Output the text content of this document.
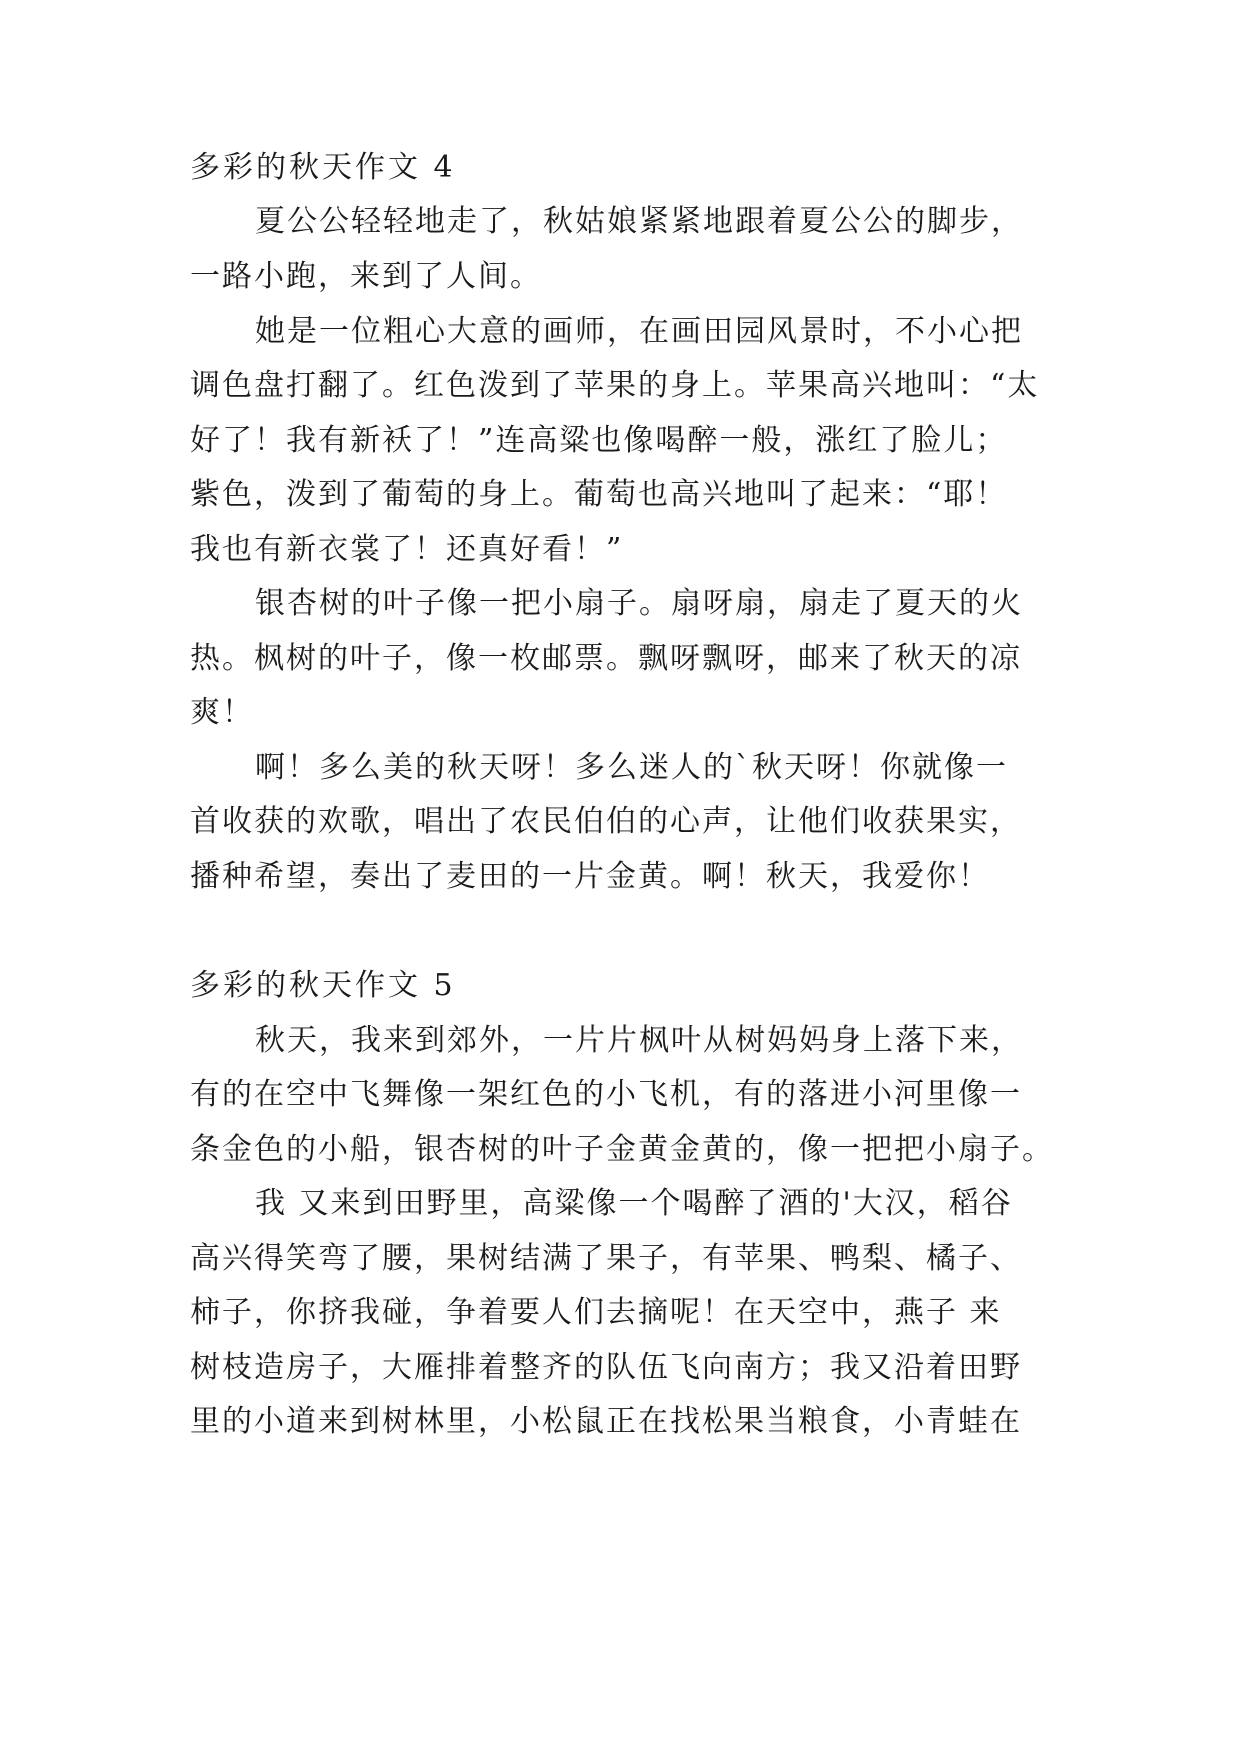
多彩的秋天作文 4
夏公公轻轻地走了，秋姑娘紧紧地跟着夏公公的脚步，
一路小跑，来到了人间。
她是一位粗心大意的画师，在画田园风景时，不小心把
调色盘打翻了。红色泼到了苹果的身上。苹果高兴地叫：“太
好了！我有新袄了！”连高粱也像喝醉一般，涨红了脸儿；
紫色，泼到了葡萄的身上。葡萄也高兴地叫了起来：“耶！
我也有新衣裳了！还真好看！”
银杏树的叶子像一把小扇子。扇呀扇，扇走了夏天的火
热。枫树的叶子，像一枚邮票。飘呀飘呀，邮来了秋天的凉
爽！
啊！多么美的秋天呀！多么迷人的`秋天呀！你就像一
首收获的欢歌，唱出了农民伯伯的心声，让他们收获果实，
播种希望，奏出了麦田的一片金黄。啊！秋天，我爱你！
多彩的秋天作文 5
秋天，我来到郊外，一片片枫叶从树妈妈身上落下来，
有的在空中飞舞像一架红色的小飞机，有的落进小河里像一
条金色的小船，银杏树的叶子金黄金黄的，像一把把小扇子。
我 又来到田野里，高粱像一个喝醉了酒的'大汉，稻谷
高兴得笑弯了腰，果树结满了果子，有苹果、鸭梨、橘子、
柿子，你挤我碰，争着要人们去摘呢！在天空中，燕子 来
树枝造房子，大雁排着整齐的队伍飞向南方；我又沿着田野
里的小道来到树林里，小松鼠正在找松果当粮食，小青蛙在
